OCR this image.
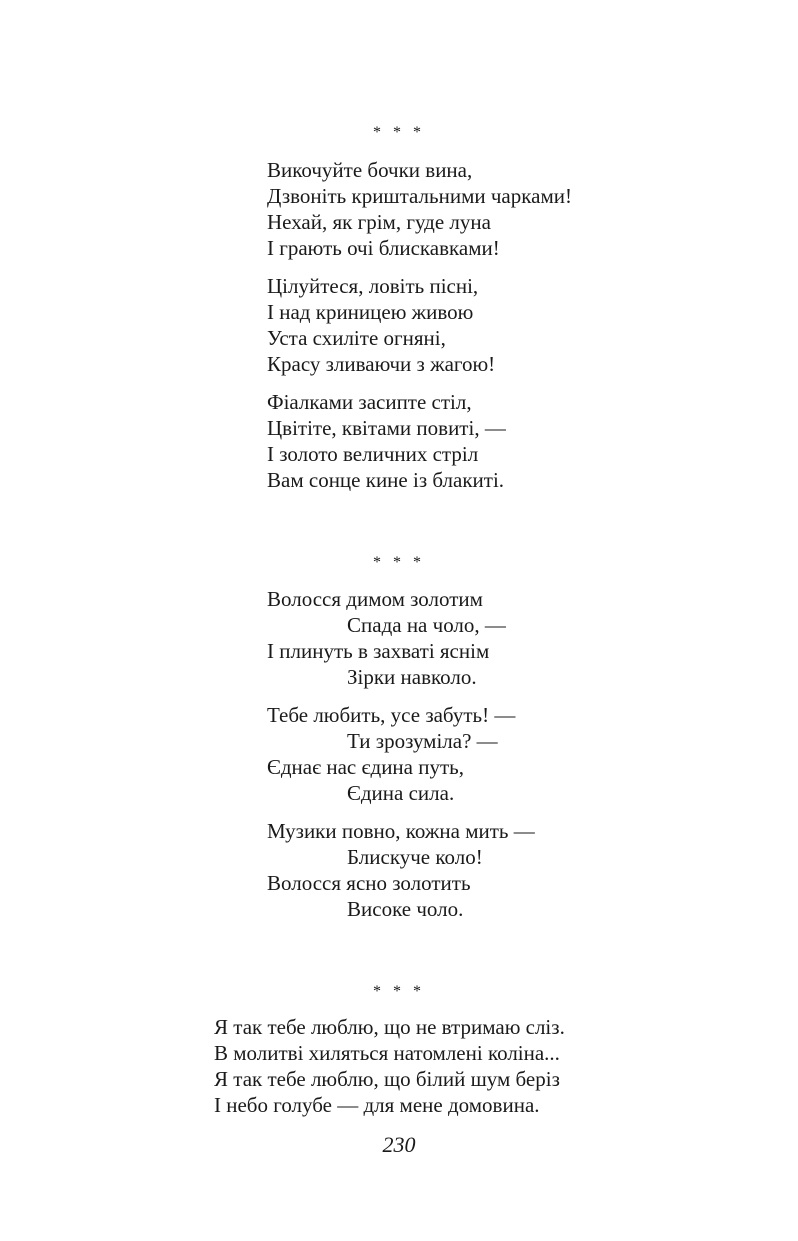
* * *
Викочуйте бочки вина,
Дзвоніть криштальними чарками!
Нехай, як грім, гуде луна
І грають очі блискавками!
Цілуйтеся, ловіть пісні,
І над криницею живою
Уста схиліте огняні,
Красу зливаючи з жагою!
Фіалками засипте стіл,
Цвітіте, квітами повиті, —
І золото величних стріл
Вам сонце кине із блакиті.
* * *
Волосся димом золотим
Спада на чоло, —
І плинуть в захваті яснім
Зірки навколо.
Тебе любить, усе забуть! —
Ти зрозуміла? —
Єднає нас єдина путь,
Єдина сила.
Музики повно, кожна мить —
Блискуче коло!
Волосся ясно золотить
Високе чоло.
* * *
Я так тебе люблю, що не втримаю сліз.
В молитві хиляться натомлені коліна...
Я так тебе люблю, що білий шум беріз
І небо голубе — для мене домовина.
230
